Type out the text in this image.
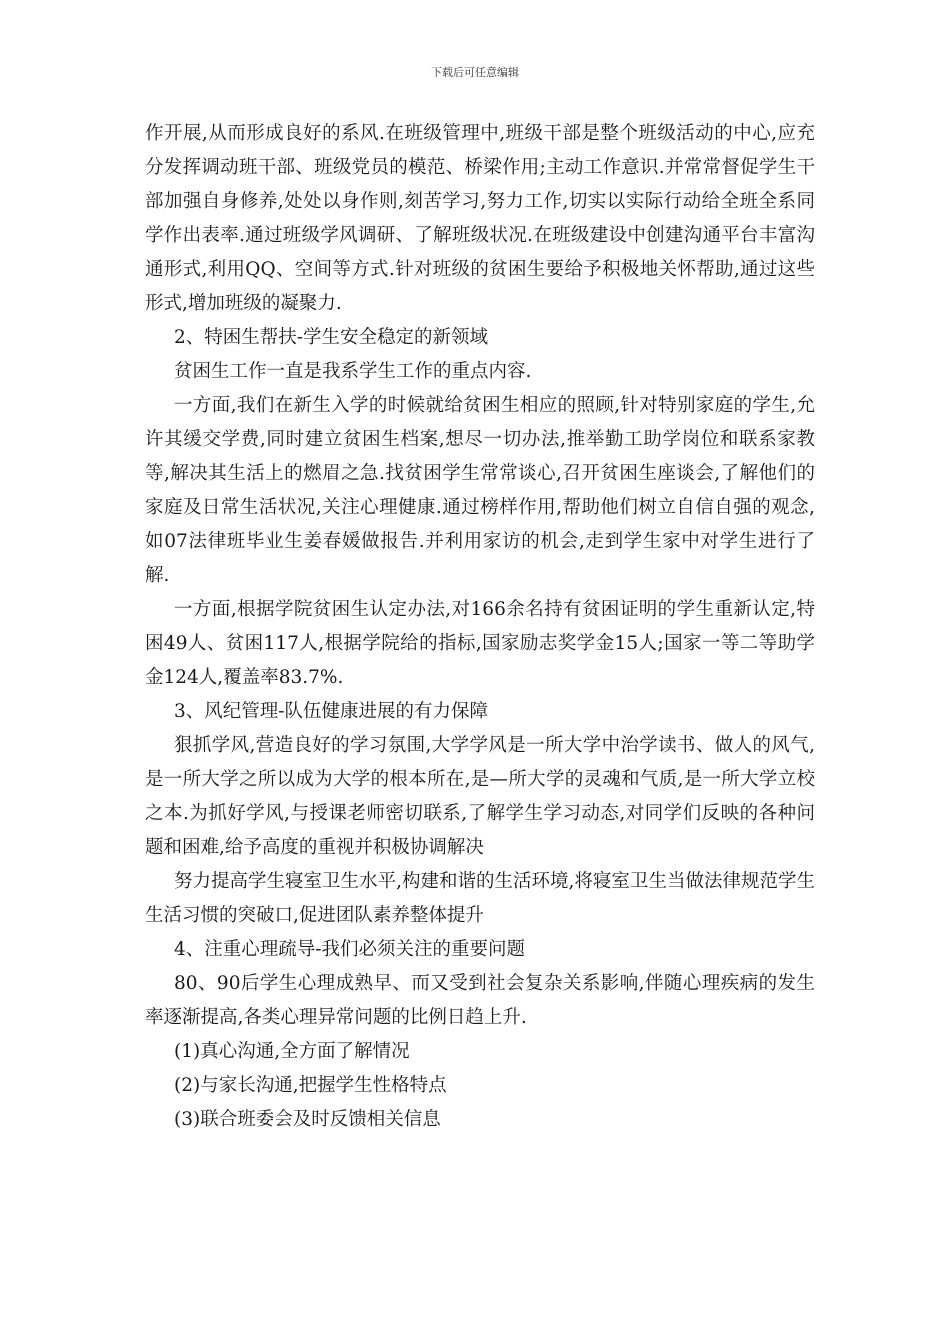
下载后可任意编辑

作开展,从而形成良好的系风.在班级管理中,班级干部是整个班级活动的中心,应充分发挥调动班干部、班级党员的模范、桥梁作用;主动工作意识.并常常督促学生干部加强自身修养,处处以身作则,刻苦学习,努力工作,切实以实际行动给全班全系同学作出表率.通过班级学风调研、了解班级状况.在班级建设中创建沟通平台丰富沟通形式,利用QQ、空间等方式.针对班级的贫困生要给予积极地关怀帮助,通过这些形式,增加班级的凝聚力.

2、特困生帮扶-学生安全稳定的新领域

贫困生工作一直是我系学生工作的重点内容.

一方面,我们在新生入学的时候就给贫困生相应的照顾,针对特别家庭的学生,允许其缓交学费,同时建立贫困生档案,想尽一切办法,推举勤工助学岗位和联系家教等,解决其生活上的燃眉之急.找贫困学生常常谈心,召开贫困生座谈会,了解他们的家庭及日常生活状况,关注心理健康.通过榜样作用,帮助他们树立自信自强的观念,如07法律班毕业生姜春媛做报告.并利用家访的机会,走到学生家中对学生进行了解.

一方面,根据学院贫困生认定办法,对166余名持有贫困证明的学生重新认定,特困49人、贫困117人,根据学院给的指标,国家励志奖学金15人;国家一等二等助学金124人,覆盖率83.7%.

3、风纪管理-队伍健康进展的有力保障

狠抓学风,营造良好的学习氛围,大学学风是一所大学中治学读书、做人的风气,是一所大学之所以成为大学的根本所在,是—所大学的灵魂和气质,是一所大学立校之本.为抓好学风,与授课老师密切联系,了解学生学习动态,对同学们反映的各种问题和困难,给予高度的重视并积极协调解决

努力提高学生寝室卫生水平,构建和谐的生活环境,将寝室卫生当做法律规范学生生活习惯的突破口,促进团队素养整体提升

4、注重心理疏导-我们必须关注的重要问题

80、90后学生心理成熟早、而又受到社会复杂关系影响,伴随心理疾病的发生率逐渐提高,各类心理异常问题的比例日趋上升.

(1)真心沟通,全方面了解情况

(2)与家长沟通,把握学生性格特点

(3)联合班委会及时反馈相关信息
